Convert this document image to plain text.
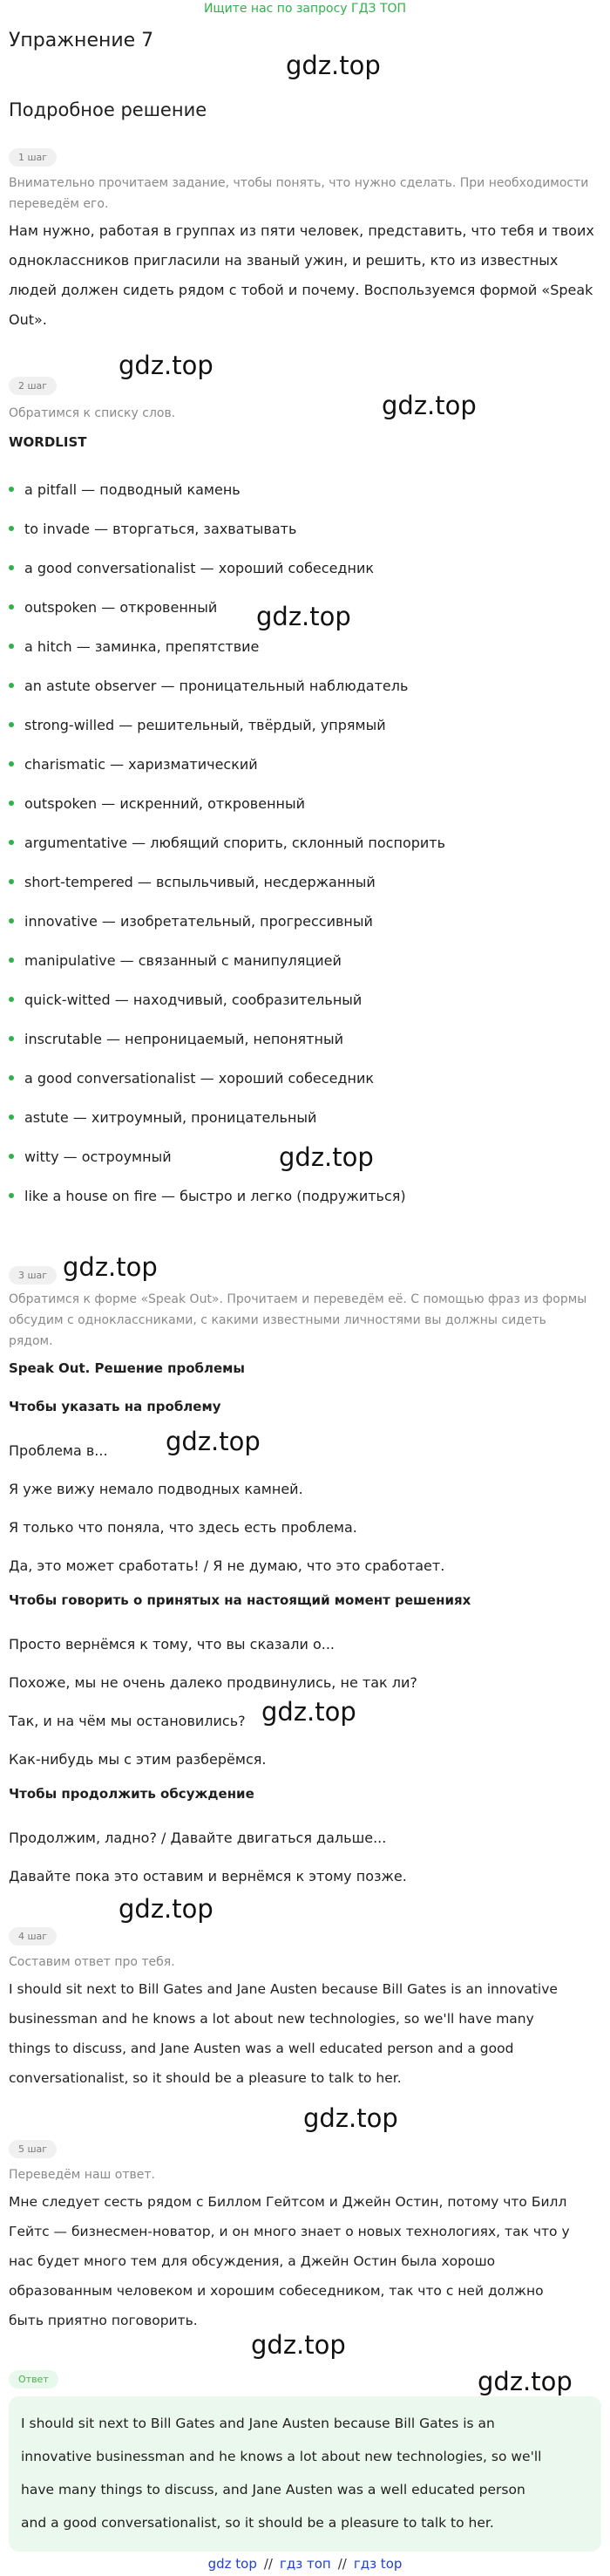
Ищите нас по запросу ГДЗ ТОП
Упражнение 7
gdz.top
Подробное решение
1 шаг
Внимательно прочитаем задание, чтобы понять, что нужно сделать. При необходимости
переведём его.
Нам нужно, работая в группах из пяти человек, представить, что тебя и твоих
одноклассников пригласили на званый ужин, и решить, кто из известных
людей должен сидеть рядом с тобой и почему. Воспользуемся формой «Speak
Out».
gdz.top
gdz.top
2 шаг
Обратимся к списку слов.
WORDLIST
a pitfall — подводный камень
to invade — вторгаться, захватывать
a good conversationalist — хороший собеседник
outspoken — откровенный
a hitch — заминка, препятствие
an astute observer — проницательный наблюдатель
strong-willed — решительный, твёрдый, упрямый
charismatic — харизматический
outspoken — искренний, откровенный
argumentative — любящий спорить, склонный поспорить
short-tempered — вспыльчивый, несдержанный
innovative — изобретательный, прогрессивный
manipulative — связанный с манипуляцией
quick-witted — находчивый, сообразительный
inscrutable — непроницаемый, непонятный
a good conversationalist — хороший собеседник
astute — хитроумный, проницательный
witty — остроумный
like a house on fire — быстро и легко (подружиться)
gdz.top
gdz.top
3 шаг gdz.top
Обратимся к форме «Speak Out». Прочитаем и переведём её. С помощью фраз из формы
обсудим с одноклассниками, с какими известными личностями вы должны сидеть
рядом.
Speak Out. Решение проблемы
Чтобы указать на проблему
Проблема в...
Я уже вижу немало подводных камней.
Я только что поняла, что здесь есть проблема.
Да, это может сработать! / Я не думаю, что это сработает.
gdz.top
Чтобы говорить о принятых на настоящий момент решениях
Просто вернёмся к тому, что вы сказали о...
Похоже, мы не очень далеко продвинулись, не так ли?
Так, и на чём мы остановились?
Как-нибудь мы с этим разберёмся.
gdz.top
Чтобы продолжить обсуждение
Продолжим, ладно? / Давайте двигаться дальше...
Давайте пока это оставим и вернёмся к этому позже.
gdz.top
4 шаг
Составим ответ про тебя.
I should sit next to Bill Gates and Jane Austen because Bill Gates is an innovative
businessman and he knows a lot about new technologies, so we'll have many
things to discuss, and Jane Austen was a well educated person and a good
conversationalist, so it should be a pleasure to talk to her.
gdz.top
5 шаг
Переведём наш ответ.
Мне следует сесть рядом с Биллом Гейтсом и Джейн Остин, потому что Билл
Гейтс — бизнесмен-новатор, и он много знает о новых технологиях, так что у
нас будет много тем для обсуждения, а Джейн Остин была хорошо
образованным человеком и хорошим собеседником, так что с ней должно
быть приятно поговорить.
gdz.top
Ответ	gdz.top
I should sit next to Bill Gates and Jane Austen because Bill Gates is an
innovative businessman and he knows a lot about new technologies, so we'll
have many things to discuss, and Jane Austen was a well educated person
and a good conversationalist, so it should be a pleasure to talk to her.
gdz top // гдз топ // гдз top
